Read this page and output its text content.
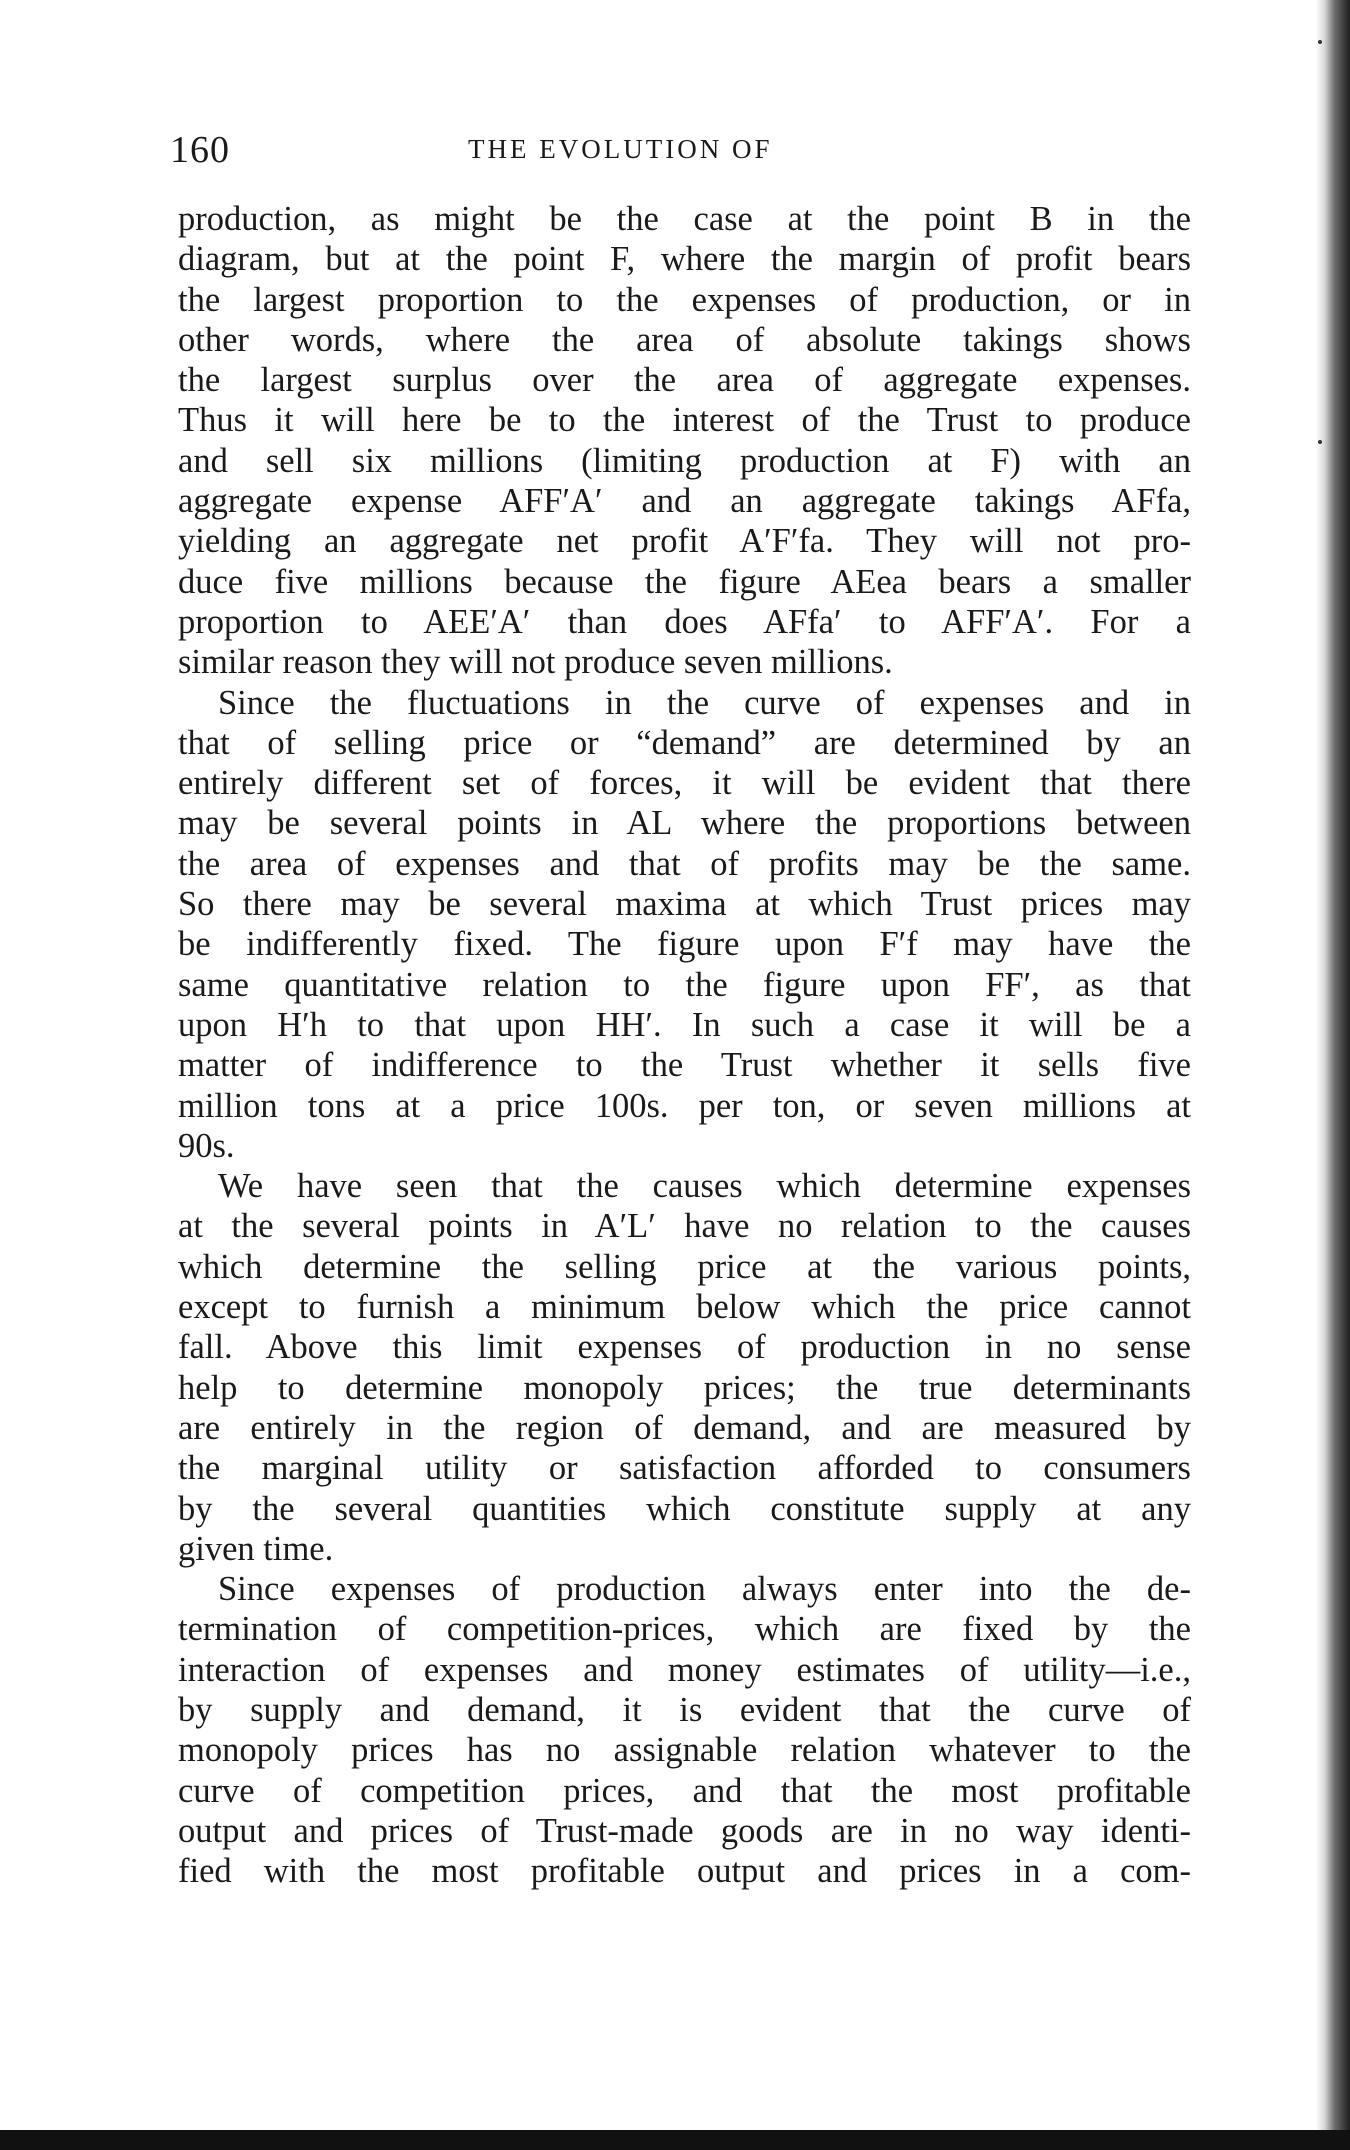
160	THE EVOLUTION OF
production, as might be the case at the point B in the
diagram, but at the point F, where the margin of profit bears
the largest proportion to the expenses of production, or in
other words, where the area of absolute takings shows
the largest surplus over the area of aggregate expenses.
Thus it will here be to the interest of the Trust to produce
and sell six millions (limiting production at F) with an
aggregate expense AFF′A′ and an aggregate takings AFfa,
yielding an aggregate net profit A′F′fa. They will not pro-
duce five millions because the figure AEea bears a smaller
proportion to AEE′A′ than does AFfa′ to AFF′A′. For a
similar reason they will not produce seven millions.
Since the fluctuations in the curve of expenses and in
that of selling price or “demand” are determined by an
entirely different set of forces, it will be evident that there
may be several points in AL where the proportions between
the area of expenses and that of profits may be the same.
So there may be several maxima at which Trust prices may
be indifferently fixed. The figure upon F′f may have the
same quantitative relation to the figure upon FF′, as that
upon H′h to that upon HH′. In such a case it will be a
matter of indifference to the Trust whether it sells five
million tons at a price 100s. per ton, or seven millions at
90s.
We have seen that the causes which determine expenses
at the several points in A′L′ have no relation to the causes
which determine the selling price at the various points,
except to furnish a minimum below which the price cannot
fall. Above this limit expenses of production in no sense
help to determine monopoly prices; the true determinants
are entirely in the region of demand, and are measured by
the marginal utility or satisfaction afforded to consumers
by the several quantities which constitute supply at any
given time.
Since expenses of production always enter into the de-
termination of competition-prices, which are fixed by the
interaction of expenses and money estimates of utility—i.e.,
by supply and demand, it is evident that the curve of
monopoly prices has no assignable relation whatever to the
curve of competition prices, and that the most profitable
output and prices of Trust-made goods are in no way identi-
fied with the most profitable output and prices in a com-
